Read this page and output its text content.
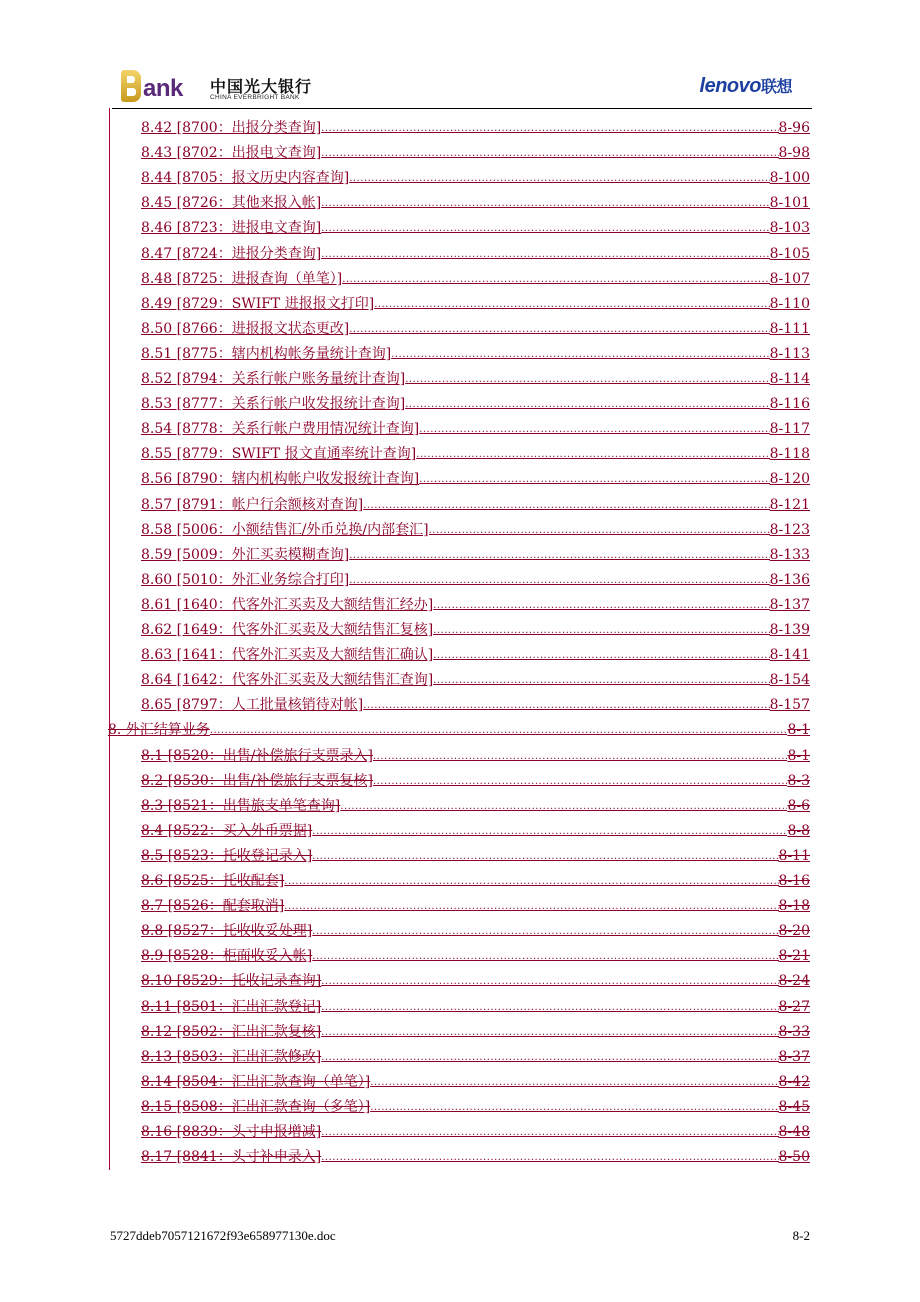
ank 中国光大银行
CHINA EVERBRIGHT BANK
lenovo联想
8.42 [8700：出报分类查询] .....	8-96
8.43 [8702：出报电文查询] .....	8-98
8.44 [8705：报文历史内容查询] .....	8-100
8.45 [8726：其他来报入帐] .....	8-101
8.46 [8723：进报电文查询] .....	8-103
8.47 [8724：进报分类查询] .....	8-105
8.48 [8725：进报查询（单笔）] .....	8-107
8.49 [8729：SWIFT 进报报文打印] .....	8-110
8.50 [8766：进报报文状态更改] .....	8-111
8.51 [8775：辖内机构帐务量统计查询] .....	8-113
8.52 [8794：关系行帐户账务量统计查询] .....	8-114
8.53 [8777：关系行帐户收发报统计查询] .....	8-116
8.54 [8778：关系行帐户费用情况统计查询] .....	8-117
8.55 [8779：SWIFT 报文直通率统计查询] .....	8-118
8.56 [8790：辖内机构帐户收发报统计查询] .....	8-120
8.57 [8791：帐户行余额核对查询] .....	8-121
8.58 [5006：小额结售汇/外币兑换/内部套汇] .....	8-123
8.59 [5009：外汇买卖模糊查询] .....	8-133
8.60 [5010：外汇业务综合打印] .....	8-136
8.61 [1640：代客外汇买卖及大额结售汇经办] .....	8-137
8.62 [1649：代客外汇买卖及大额结售汇复核] .....	8-139
8.63 [1641：代客外汇买卖及大额结售汇确认] .....	8-141
8.64 [1642：代客外汇买卖及大额结售汇查询] .....	8-154
8.65 [8797：人工批量核销待对帐] .....	8-157
8. 外汇结算业务 .....	8-1
8.1 [8520：出售/补偿旅行支票录入] .....	8-1
8.2 [8530：出售/补偿旅行支票复核] .....	8-3
8.3 [8521：出售旅支单笔查询] .....	8-6
8.4 [8522：买入外币票据] .....	8-8
8.5 [8523：托收登记录入] .....	8-11
8.6 [8525：托收配套] .....	8-16
8.7 [8526：配套取消] .....	8-18
8.8 [8527：托收收妥处理] .....	8-20
8.9 [8528：柜面收妥入帐] .....	8-21
8.10 [8529：托收记录查询] .....	8-24
8.11 [8501：汇出汇款登记] .....	8-27
8.12 [8502：汇出汇款复核] .....	8-33
8.13 [8503：汇出汇款修改] .....	8-37
8.14 [8504：汇出汇款查询（单笔）] .....	8-42
8.15 [8508：汇出汇款查询（多笔）] .....	8-45
8.16 [8839：头寸申报增减] .....	8-48
8.17 [8841：头寸补申录入] .....	8-50
5727ddeb7057121672f93e658977130e.doc	8-2
